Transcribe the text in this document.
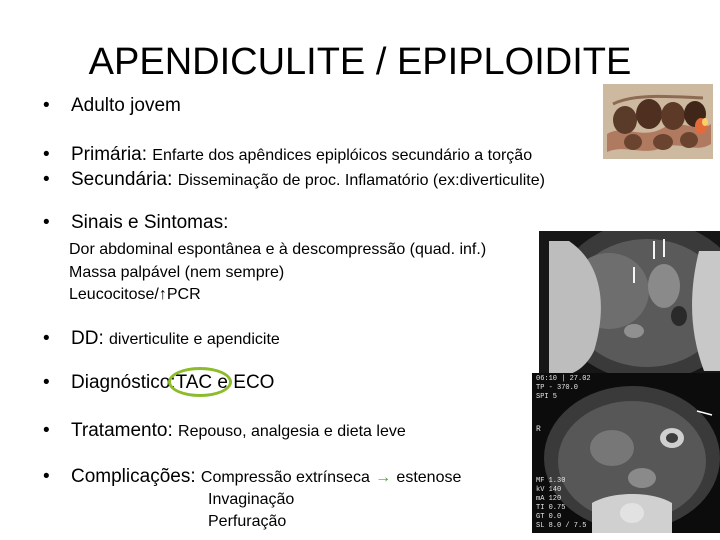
APENDICULITE / EPIPLOIDITE
06:10 | 27.02
TP - 370.0
SPI 5
R
MF 1.30
kV 140
mA 120
TI 0.75
GT 0.0
SL 8.0 / 7.5
• Adulto jovem
• Primária: Enfarte dos apêndices epiplóicos secundário a torção
• Secundária: Disseminação de proc. Inflamatório (ex:diverticulite)
• Sinais e Sintomas:
Dor abdominal espontânea e à descompressão (quad. inf.)
Massa palpável (nem sempre)
Leucocitose/↑PCR
• DD: diverticulite e apendicite
• Diagnóstico:TAC e ECO
• Tratamento: Repouso, analgesia e dieta leve
• Complicações: Compressão extrínseca → estenose
Invaginação
Perfuração
